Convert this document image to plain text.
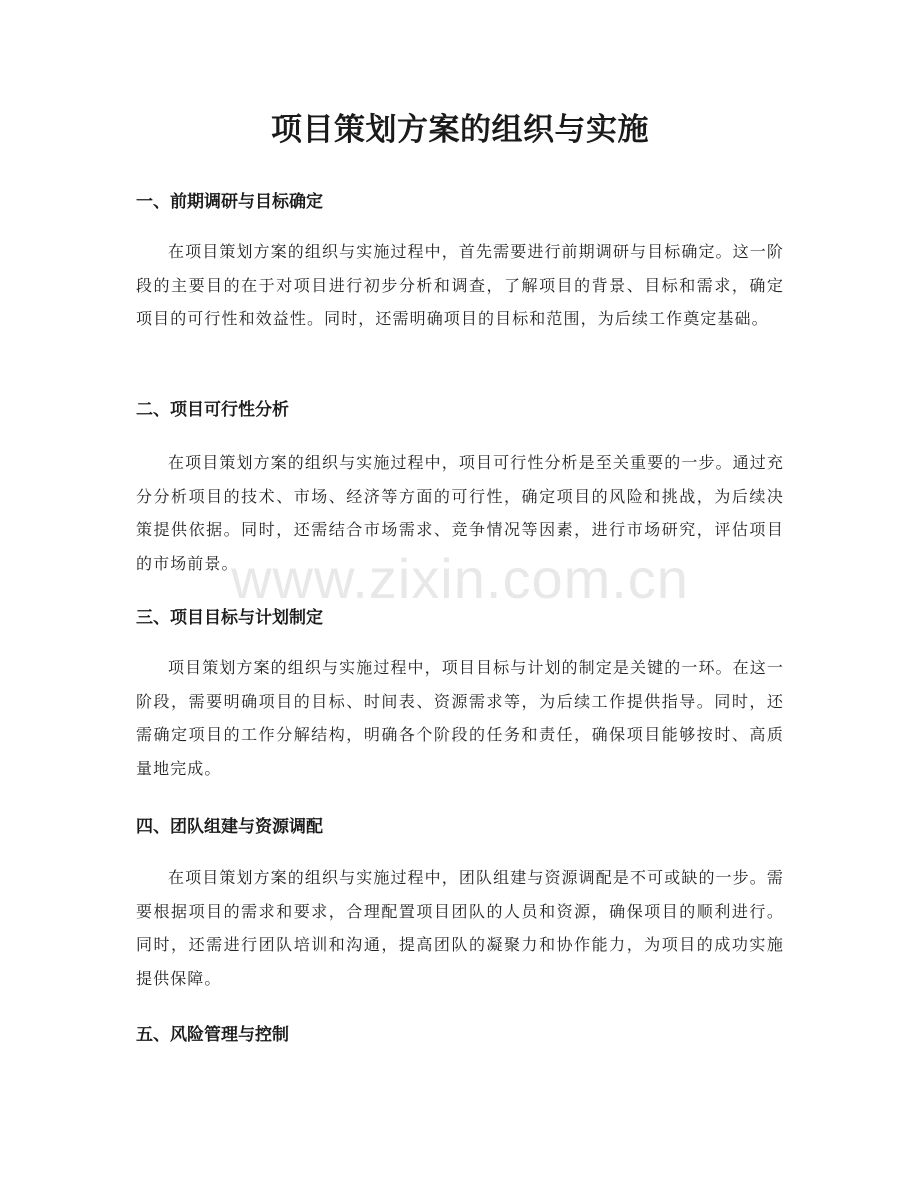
项目策划方案的组织与实施
一、前期调研与目标确定

在项目策划方案的组织与实施过程中，首先需要进行前期调研与目标确定。这一阶段的主要目的在于对项目进行初步分析和调查，了解项目的背景、目标和需求，确定项目的可行性和效益性。同时，还需明确项目的目标和范围，为后续工作奠定基础。

二、项目可行性分析

在项目策划方案的组织与实施过程中，项目可行性分析是至关重要的一步。通过充分分析项目的技术、市场、经济等方面的可行性，确定项目的风险和挑战，为后续决策提供依据。同时，还需结合市场需求、竞争情况等因素，进行市场研究，评估项目的市场前景。

三、项目目标与计划制定

项目策划方案的组织与实施过程中，项目目标与计划的制定是关键的一环。在这一阶段，需要明确项目的目标、时间表、资源需求等，为后续工作提供指导。同时，还需确定项目的工作分解结构，明确各个阶段的任务和责任，确保项目能够按时、高质量地完成。

四、团队组建与资源调配

在项目策划方案的组织与实施过程中，团队组建与资源调配是不可或缺的一步。需要根据项目的需求和要求，合理配置项目团队的人员和资源，确保项目的顺利进行。同时，还需进行团队培训和沟通，提高团队的凝聚力和协作能力，为项目的成功实施提供保障。

五、风险管理与控制
www.zixin.com.cn
